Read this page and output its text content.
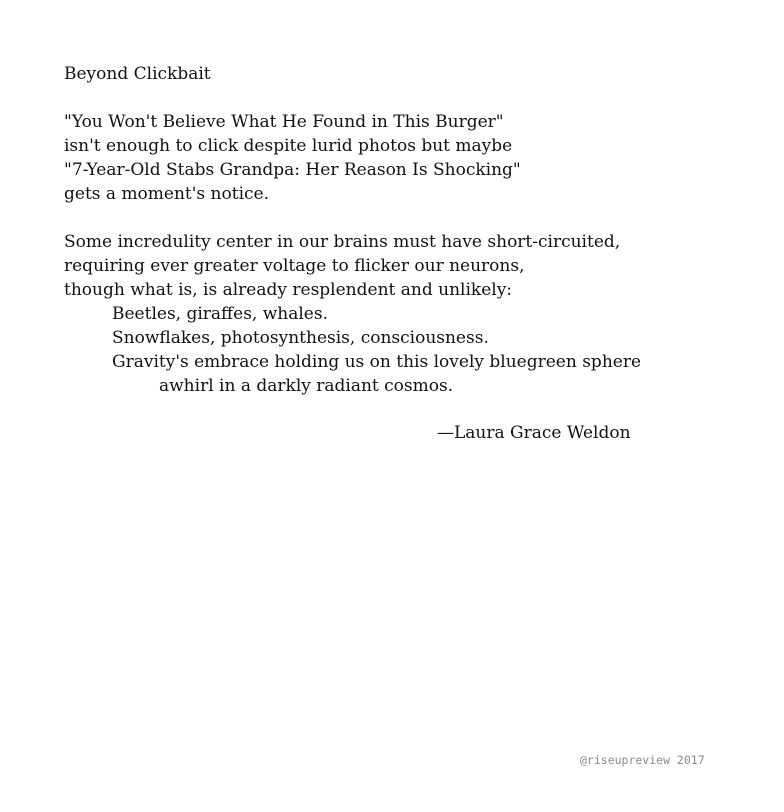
Beyond Clickbait
"You Won't Believe What He Found in This Burger"
isn't enough to click despite lurid photos but maybe
"7-Year-Old Stabs Grandpa: Her Reason Is Shocking"
gets a moment's notice.
Some incredulity center in our brains must have short-circuited,
requiring ever greater voltage to flicker our neurons,
though what is, is already resplendent and unlikely:
Beetles, giraffes, whales.
Snowflakes, photosynthesis, consciousness.
Gravity's embrace holding us on this lovely bluegreen sphere
awhirl in a darkly radiant cosmos.
—Laura Grace Weldon
@riseupreview 2017
